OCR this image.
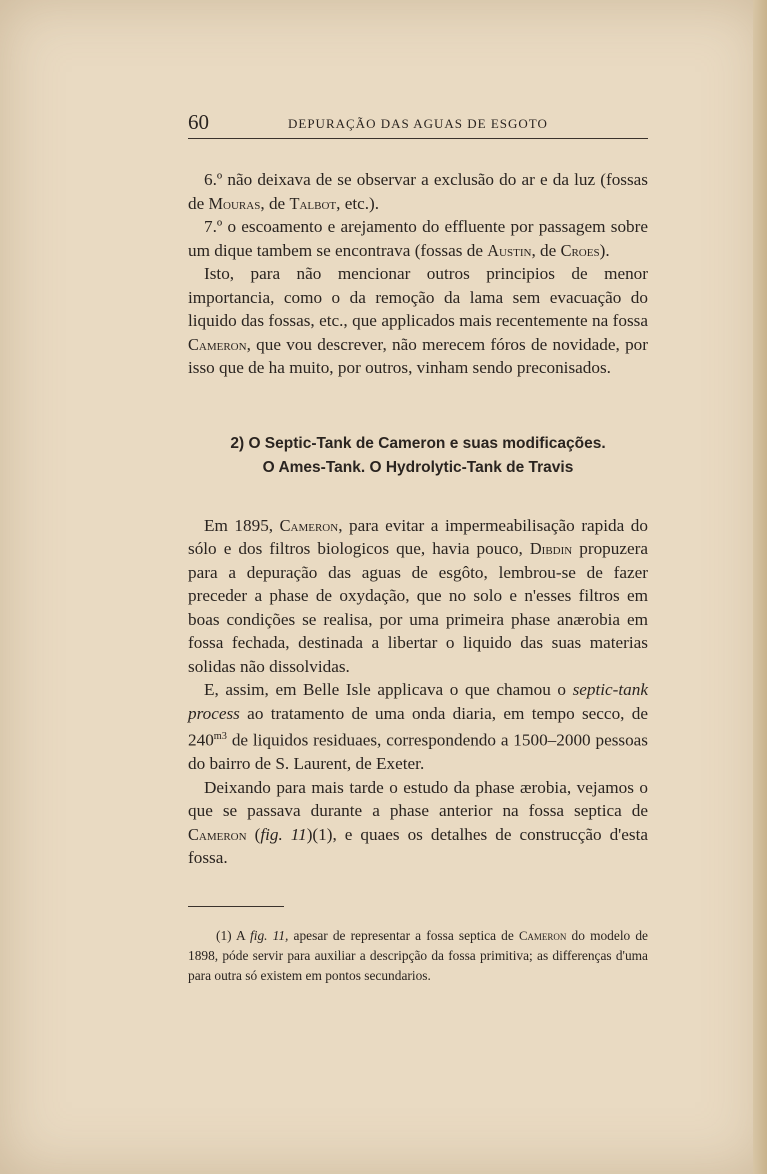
60	DEPURAÇÃO DAS AGUAS DE ESGOTO

6.º não deixava de se observar a exclusão do ar e da luz (fossas de Mouras, de Talbot, etc.).

7.º o escoamento e arejamento do effluente por passagem sobre um dique tambem se encontrava (fossas de Austin, de Croes).

Isto, para não mencionar outros principios de menor importancia, como o da remoção da lama sem evacuação do liquido das fossas, etc., que applicados mais recentemente na fossa Cameron, que vou descrever, não merecem fóros de novidade, por isso que de ha muito, por outros, vinham sendo preconisados.

2) O Septic-Tank de Cameron e suas modificações.
O Ames-Tank. O Hydrolytic-Tank de Travis

Em 1895, Cameron, para evitar a impermeabilisação rapida do sólo e dos filtros biologicos que, havia pouco, Dibdin propuzera para a depuração das aguas de esgôto, lembrou-se de fazer preceder a phase de oxydação, que no solo e n'esses filtros em boas condições se realisa, por uma primeira phase anærobia em fossa fechada, destinada a libertar o liquido das suas materias solidas não dissolvidas.

E, assim, em Belle Isle applicava o que chamou o septic-tank process ao tratamento de uma onda diaria, em tempo secco, de $240^{m3}$ de liquidos residuaes, correspondendo a 1500–2000 pessoas do bairro de S. Laurent, de Exeter.

Deixando para mais tarde o estudo da phase ærobia, vejamos o que se passava durante a phase anterior na fossa septica de Cameron (fig. 11)(1), e quaes os detalhes de construcção d'esta fossa.

(1) A fig. 11, apesar de representar a fossa septica de Cameron do modelo de 1898, póde servir para auxiliar a descripção da fossa primitiva; as differenças d'uma para outra só existem em pontos secundarios.
